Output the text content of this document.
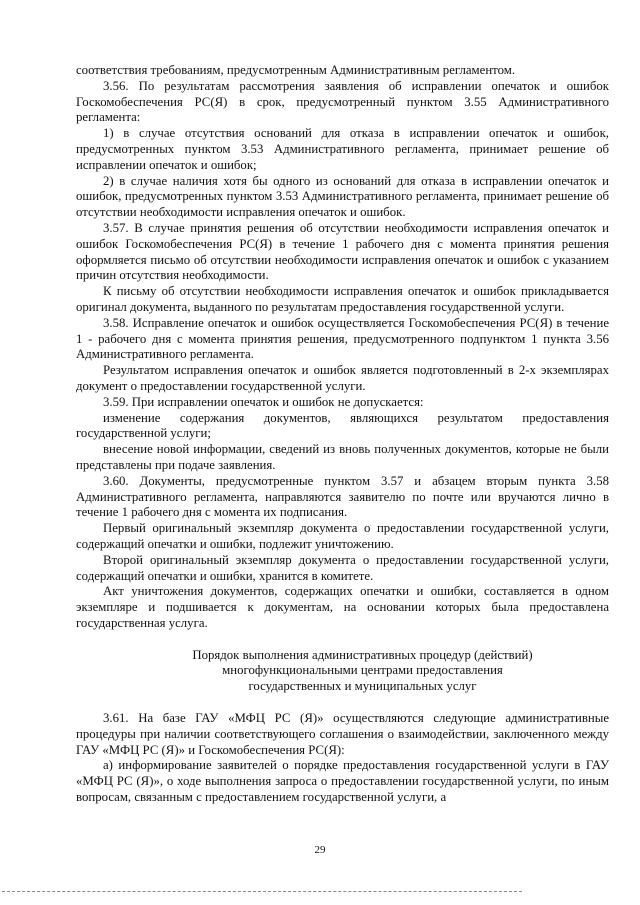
соответствия требованиям, предусмотренным Административным регламентом.

3.56. По результатам рассмотрения заявления об исправлении опечаток и ошибок Госкомобеспечения РС(Я) в срок, предусмотренный пунктом 3.55 Административного регламента:

1) в случае отсутствия оснований для отказа в исправлении опечаток и ошибок, предусмотренных пунктом 3.53 Административного регламента, принимает решение об исправлении опечаток и ошибок;

2) в случае наличия хотя бы одного из оснований для отказа в исправлении опечаток и ошибок, предусмотренных пунктом 3.53 Административного регламента, принимает решение об отсутствии необходимости исправления опечаток и ошибок.

3.57. В случае принятия решения об отсутствии необходимости исправления опечаток и ошибок Госкомобеспечения РС(Я) в течение 1 рабочего дня с момента принятия решения оформляется письмо об отсутствии необходимости исправления опечаток и ошибок с указанием причин отсутствия необходимости.

К письму об отсутствии необходимости исправления опечаток и ошибок прикладывается оригинал документа, выданного по результатам предоставления государственной услуги.

3.58. Исправление опечаток и ошибок осуществляется Госкомобеспечения РС(Я) в течение 1 - рабочего дня с момента принятия решения, предусмотренного подпунктом 1 пункта 3.56 Административного регламента.

Результатом исправления опечаток и ошибок является подготовленный в 2-х экземплярах документ о предоставлении государственной услуги.

3.59. При исправлении опечаток и ошибок не допускается:

изменение содержания документов, являющихся результатом предоставления государственной услуги;

внесение новой информации, сведений из вновь полученных документов, которые не были представлены при подаче заявления.

3.60. Документы, предусмотренные пунктом 3.57 и абзацем вторым пункта 3.58 Административного регламента, направляются заявителю по почте или вручаются лично в течение 1 рабочего дня с момента их подписания.

Первый оригинальный экземпляр документа о предоставлении государственной услуги, содержащий опечатки и ошибки, подлежит уничтожению.

Второй оригинальный экземпляр документа о предоставлении государственной услуги, содержащий опечатки и ошибки, хранится в комитете.

Акт уничтожения документов, содержащих опечатки и ошибки, составляется в одном экземпляре и подшивается к документам, на основании которых была предоставлена государственная услуга.

Порядок выполнения административных процедур (действий)
многофункциональными центрами предоставления
государственных и муниципальных услуг

3.61. На базе ГАУ «МФЦ РС (Я)» осуществляются следующие административные процедуры при наличии соответствующего соглашения о взаимодействии, заключенного между ГАУ «МФЦ РС (Я)» и Госкомобеспечения РС(Я):

а) информирование заявителей о порядке предоставления государственной услуги в ГАУ «МФЦ РС (Я)», о ходе выполнения запроса о предоставлении государственной услуги, по иным вопросам, связанным с предоставлением государственной услуги, а

29
